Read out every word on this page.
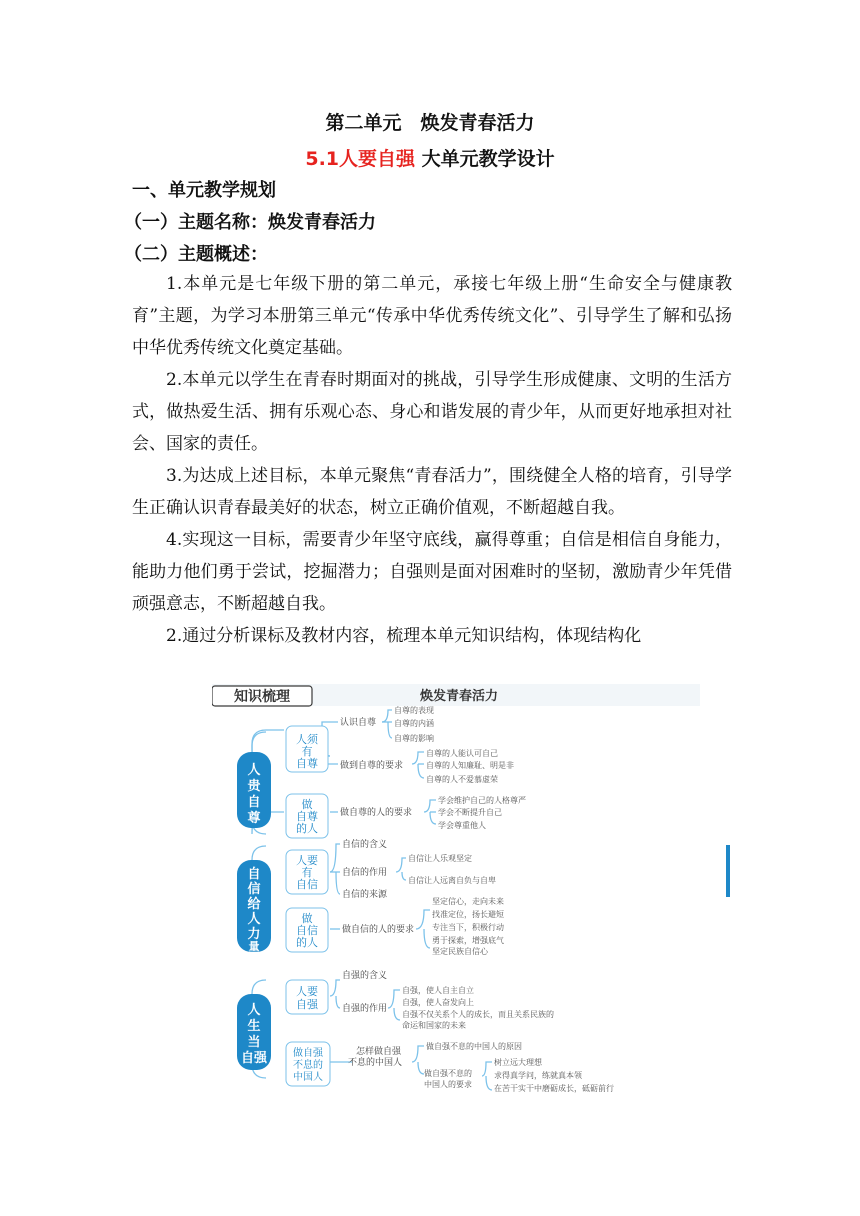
第二单元　焕发青春活力
5.1人要自强 大单元教学设计
一、单元教学规划
（一）主题名称：焕发青春活力
（二）主题概述：

1.本单元是七年级下册的第二单元，承接七年级上册“生命安全与健康教育”主题，为学习本册第三单元“传承中华优秀传统文化”、引导学生了解和弘扬中华优秀传统文化奠定基础。

2.本单元以学生在青春时期面对的挑战，引导学生形成健康、文明的生活方式，做热爱生活、拥有乐观心态、身心和谐发展的青少年，从而更好地承担对社会、国家的责任。

3.为达成上述目标，本单元聚焦“青春活力”，围绕健全人格的培育，引导学生正确认识青春最美好的状态，树立正确价值观，不断超越自我。

4.实现这一目标，需要青少年坚守底线，赢得尊重；自信是相信自身能力，能助力他们勇于尝试，挖掘潜力；自强则是面对困难时的坚韧，激励青少年凭借顽强意志，不断超越自我。

2.通过分析课标及教材内容，梳理本单元知识结构，体现结构化

知识梳理	焕发青春活力
人
贵
自
尊
人须
有
自尊
认识自尊
自尊的表现
自尊的内涵
自尊的影响
做到自尊的要求
自尊的人能认可自己
自尊的人知廉耻、明是非
自尊的人不爱慕虚荣
做
自尊
的人
做自尊的人的要求
学会维护自己的人格尊严
学会不断提升自己
学会尊重他人
自
信
给
人
力
量
人要
有
自信
自信的含义
自信的作用
自信让人乐观坚定
自信让人远离自负与自卑
自信的来源
做
自信
的人
做自信的人的要求
坚定信心，走向未来
找准定位，扬长避短
专注当下，积极行动
勇于探索，增强底气
坚定民族自信心
人
生
当
自强
人要
自强
自强的含义
自强的作用
自强，使人自主自立
自强，使人奋发向上
自强不仅关系个人的成长，而且关系民族的
命运和国家的未来
做自强
不息的
中国人
怎样做自强
不息的中国人
做自强不息的中国人的原因
做自强不息的
中国人的要求
树立远大理想
求得真学问，练就真本领
在苦干实干中磨砺成长，砥砺前行
